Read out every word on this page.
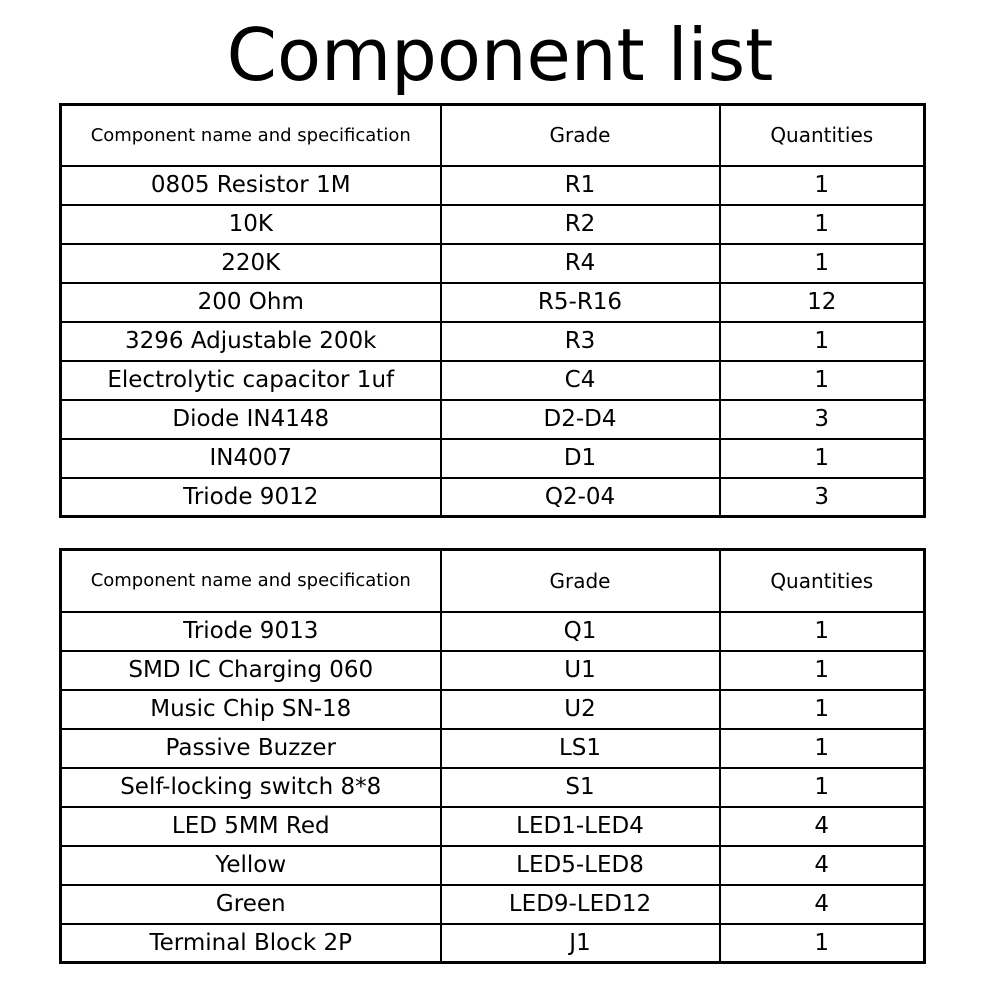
Component list
Component name and specification	Grade	Quantities
0805 Resistor 1M	R1	1
10K	R2	1
220K	R4	1
200 Ohm	R5-R16	12
3296 Adjustable 200k	R3	1
Electrolytic capacitor 1uf	C4	1
Diode IN4148	D2-D4	3
IN4007	D1	1
Triode 9012	Q2-04	3
Component name and specification	Grade	Quantities
Triode 9013	Q1	1
SMD IC Charging 060	U1	1
Music Chip SN-18	U2	1
Passive Buzzer	LS1	1
Self-locking switch 8*8	S1	1
LED 5MM Red	LED1-LED4	4
Yellow	LED5-LED8	4
Green	LED9-LED12	4
Terminal Block 2P	J1	1
